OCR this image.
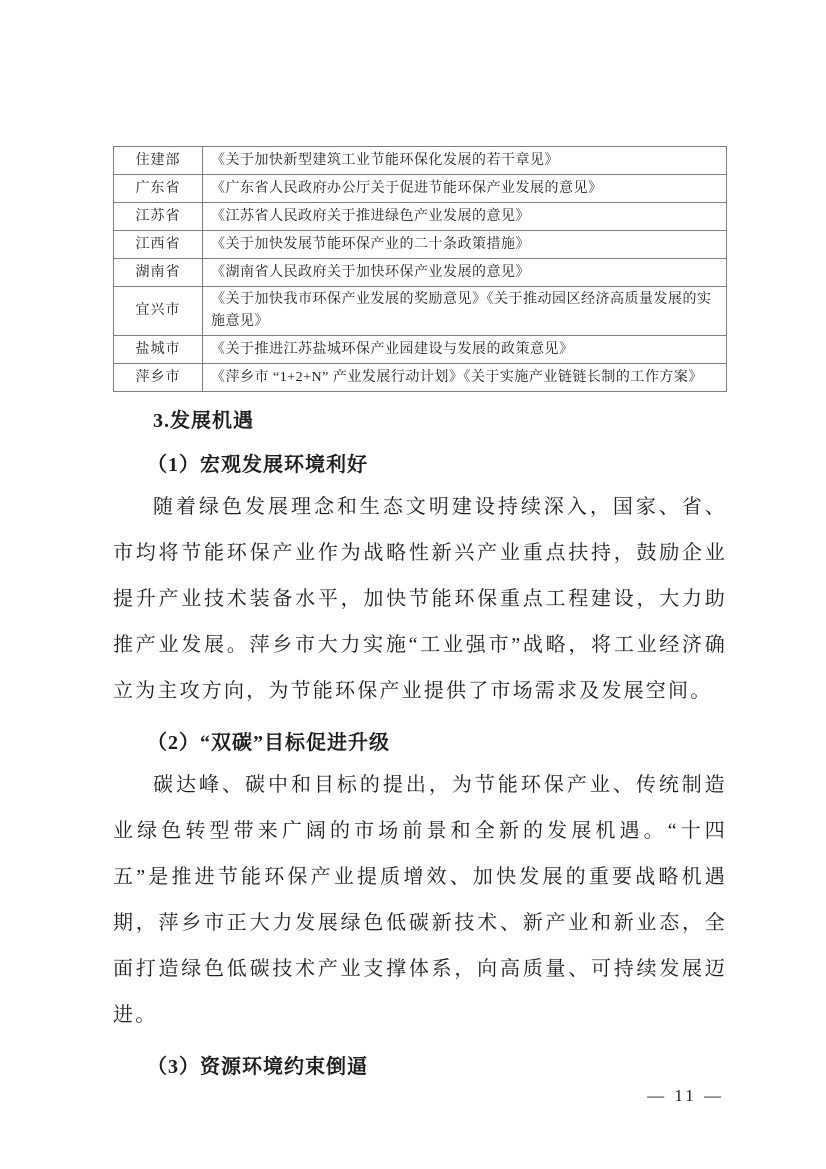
住建部	《关于加快新型建筑工业节能环保化发展的若干章见》
广东省	《广东省人民政府办公厅关于促进节能环保产业发展的意见》
江苏省	《江苏省人民政府关于推进绿色产业发展的意见》
江西省	《关于加快发展节能环保产业的二十条政策措施》
湖南省	《湖南省人民政府关于加快环保产业发展的意见》
宜兴市	《关于加快我市环保产业发展的奖励意见》《关于推动园区经济高质量发展的实施意见》
盐城市	《关于推进江苏盐城环保产业园建设与发展的政策意见》
萍乡市	《萍乡市 “1+2+N” 产业发展行动计划》《关于实施产业链链长制的工作方案》
3.发展机遇
（1）宏观发展环境利好

随着绿色发展理念和生态文明建设持续深入，国家、省、市均将节能环保产业作为战略性新兴产业重点扶持，鼓励企业提升产业技术装备水平，加快节能环保重点工程建设，大力助推产业发展。萍乡市大力实施“工业强市”战略，将工业经济确立为主攻方向，为节能环保产业提供了市场需求及发展空间。

（2）“双碳”目标促进升级

碳达峰、碳中和目标的提出，为节能环保产业、传统制造业绿色转型带来广阔的市场前景和全新的发展机遇。“十四五”是推进节能环保产业提质增效、加快发展的重要战略机遇期，萍乡市正大力发展绿色低碳新技术、新产业和新业态，全面打造绿色低碳技术产业支撑体系，向高质量、可持续发展迈进。

（3）资源环境约束倒逼
— 11 —
